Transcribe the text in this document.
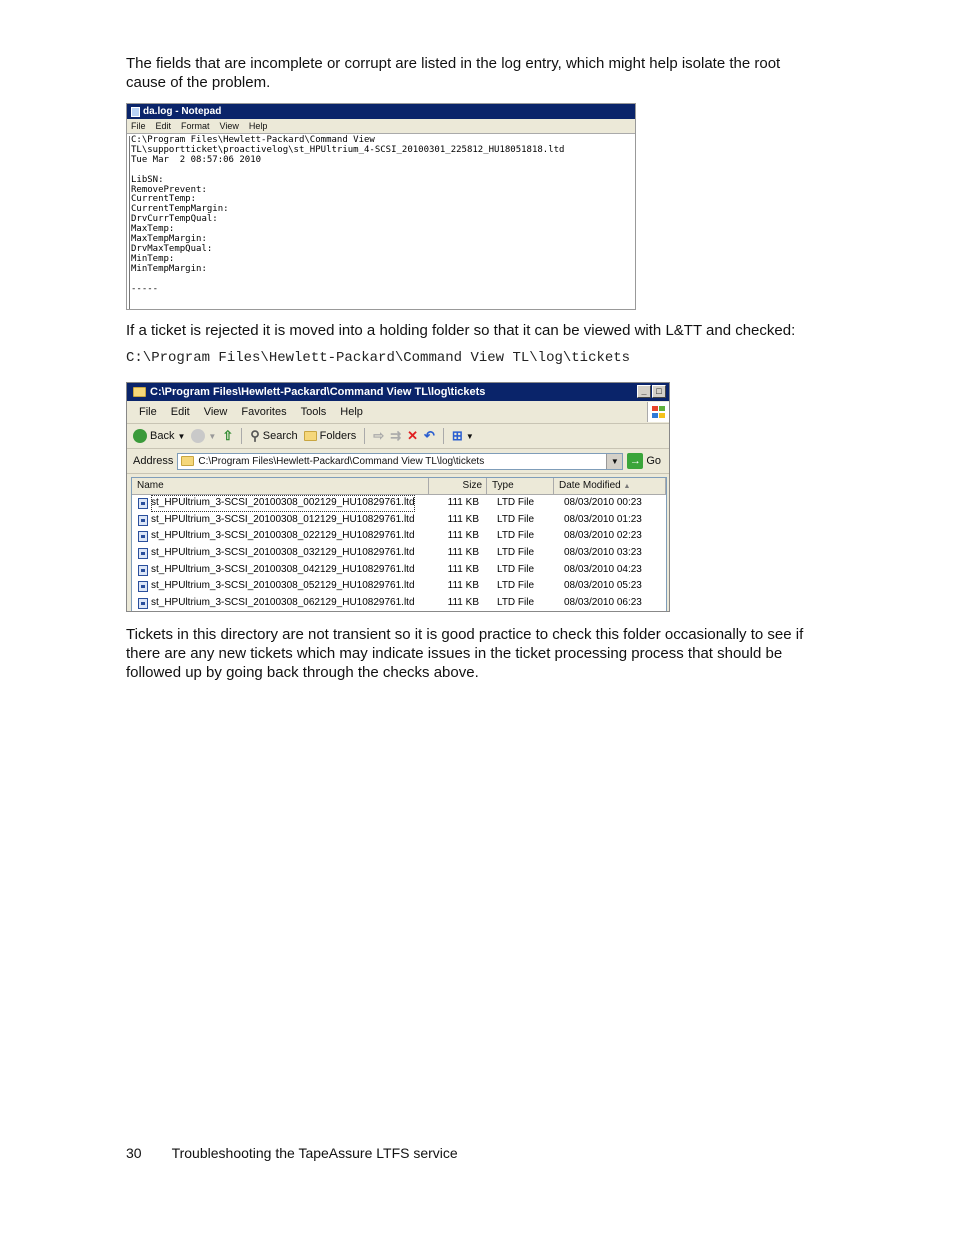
The fields that are incomplete or corrupt are listed in the log entry, which might help isolate the root cause of the problem.

da.log - Notepad
File Edit Format View Help
C:\Program Files\Hewlett-Packard\Command View
TL\supportticket\proactivelog\st_HPUltrium_4-SCSI_20100301_225812_HU18051818.ltd
Tue Mar  2 08:57:06 2010

LibSN:
RemovePrevent:
CurrentTemp:
CurrentTempMargin:
DrvCurrTempQual:
MaxTemp:
MaxTempMargin:
DrvMaxTempQual:
MinTemp:
MinTempMargin:

-----

If a ticket is rejected it is moved into a holding folder so that it can be viewed with L&TT and checked:

C:\Program Files\Hewlett-Packard\Command View TL\log\tickets
C:\Program Files\Hewlett-Packard\Command View TL\log\tickets	_	□
File Edit View Favorites Tools Help
Back ▼	▼ ⇧ ⚲ Search Folders ⇨ ⇉ ✕ ↶ ⊞ ▼
Address	C:\Program Files\Hewlett-Packard\Command View TL\log\tickets	▼	→ Go
Name	Size	Type	Date Modified ▲
st_HPUltrium_3-SCSI_20100308_002129_HU10829761.ltd	111 KB	LTD File	08/03/2010 00:23
st_HPUltrium_3-SCSI_20100308_012129_HU10829761.ltd	111 KB	LTD File	08/03/2010 01:23
st_HPUltrium_3-SCSI_20100308_022129_HU10829761.ltd	111 KB	LTD File	08/03/2010 02:23
st_HPUltrium_3-SCSI_20100308_032129_HU10829761.ltd	111 KB	LTD File	08/03/2010 03:23
st_HPUltrium_3-SCSI_20100308_042129_HU10829761.ltd	111 KB	LTD File	08/03/2010 04:23
st_HPUltrium_3-SCSI_20100308_052129_HU10829761.ltd	111 KB	LTD File	08/03/2010 05:23
st_HPUltrium_3-SCSI_20100308_062129_HU10829761.ltd	111 KB	LTD File	08/03/2010 06:23

Tickets in this directory are not transient so it is good practice to check this folder occasionally to see if there are any new tickets which may indicate issues in the ticket processing process that should be followed up by going back through the checks above.

30 Troubleshooting the TapeAssure LTFS service
